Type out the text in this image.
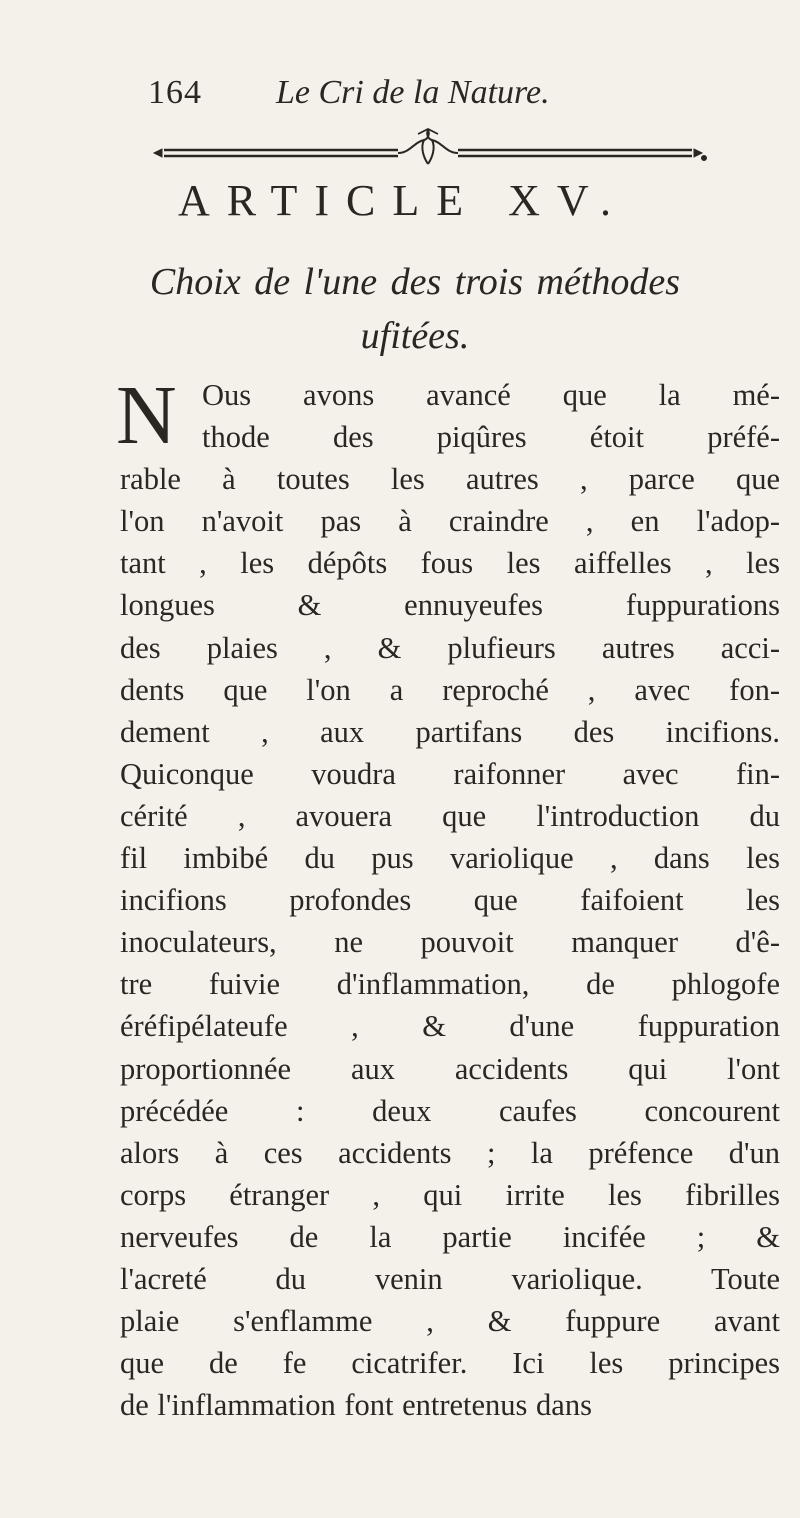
164 Le Cri de la Nature.
ARTICLE XV.
Choix de l'une des trois méthodes
ufitées.
N Ous avons avancé que la mé-
thode des piqûres étoit préfé-
rable à toutes les autres , parce que
l'on n'avoit pas à craindre , en l'adop-
tant , les dépôts fous les aiffelles , les
longues & ennuyeufes fuppurations
des plaies , & plufieurs autres acci-
dents que l'on a reproché , avec fon-
dement , aux partifans des incifions.
Quiconque voudra raifonner avec fin-
cérité , avouera que l'introduction du
fil imbibé du pus variolique , dans les
incifions profondes que faifoient les
inoculateurs, ne pouvoit manquer d'ê-
tre fuivie d'inflammation, de phlogofe
éréfipélateufe , & d'une fuppuration
proportionnée aux accidents qui l'ont
précédée : deux caufes concourent
alors à ces accidents ; la préfence d'un
corps étranger , qui irrite les fibrilles
nerveufes de la partie incifée ; &
l'acreté du venin variolique. Toute
plaie s'enflamme , & fuppure avant
que de fe cicatrifer. Ici les principes
de l'inflammation font entretenus dans
